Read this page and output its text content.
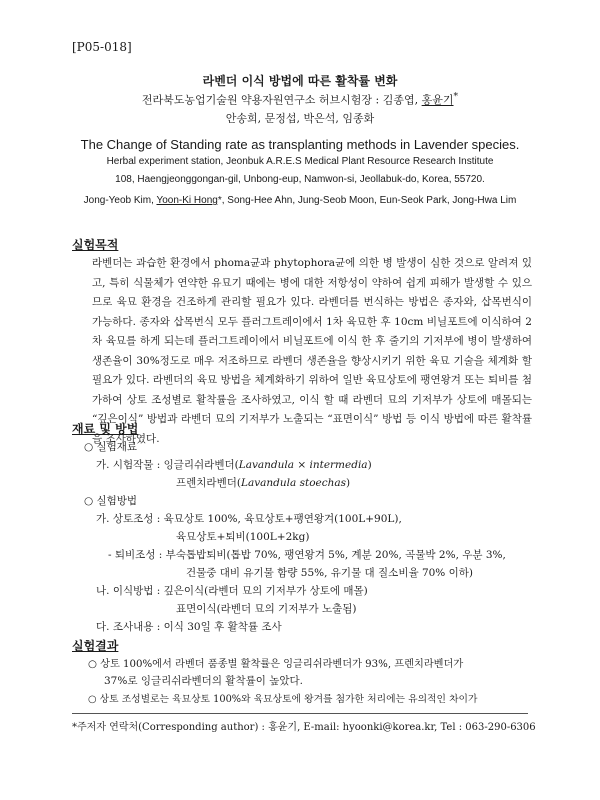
[P05-018]
라벤더 이식 방법에 따른 활착률 변화
전라북도농업기술원 약용자원연구소 허브시험장 : 김종엽, 홍윤기*
안송희, 문정섭, 박은석, 임종화
The Change of Standing rate as transplanting methods in Lavender species.
Herbal experiment station, Jeonbuk A.R.E.S Medical Plant Resource Research Institute
108, Haengjeonggongan-gil, Unbong-eup, Namwon-si, Jeollabuk-do, Korea, 55720.
Jong-Yeob Kim, Yoon-Ki Hong*, Song-Hee Ahn, Jung-Seob Moon, Eun-Seok Park, Jong-Hwa Lim
실험목적

라벤더는 과습한 환경에서 phoma균과 phytophora균에 의한 병 발생이 심한 것으로 알려져 있고, 특히 식물체가 연약한 유묘기 때에는 병에 대한 저항성이 약하여 쉽게 피해가 발생할 수 있으므로 육묘 환경을 건조하게 관리할 필요가 있다. 라벤더를 번식하는 방법은 종자와, 삽목번식이 가능하다. 종자와 삽목번식 모두 플러그트레이에서 1차 육묘한 후 10cm 비닐포트에 이식하여 2차 육묘를 하게 되는데 플러그트레이에서 비닐포트에 이식 한 후 줄기의 기저부에 병이 발생하여 생존율이 30%정도로 매우 저조하므로 라벤더 생존율을 향상시키기 위한 육묘 기술을 체계화 할 필요가 있다. 라벤더의 육묘 방법을 체계화하기 위하여 일반 육묘상토에 팽연왕겨 또는 퇴비를 첨가하여 상토 조성별로 활착률을 조사하였고, 이식 할 때 라벤더 묘의 기저부가 상토에 매몰되는 “깊은이식” 방법과 라벤더 묘의 기저부가 노출되는 “표면이식” 방법 등 이식 방법에 따른 활착률을 조사하였다.

재료 및 방법
○ 실험재료
가. 시험작물 : 잉글리쉬라벤더(Lavandula × intermedia)
프렌치라벤더(Lavandula stoechas)
○ 실험방법
가. 상토조성 : 육묘상토 100%, 육묘상토+팽연왕겨(100L+90L),
육묘상토+퇴비(100L+2kg)
- 퇴비조성 : 부숙톱밥퇴비(톱밥 70%, 팽연왕겨 5%, 계분 20%, 곡물박 2%, 우분 3%,
건물중 대비 유기물 함량 55%, 유기물 대 질소비율 70% 이하)
나. 이식방법 : 깊은이식(라벤더 묘의 기저부가 상토에 매몰)
표면이식(라벤더 묘의 기저부가 노출됨)
다. 조사내용 : 이식 30일 후 활착률 조사
실험결과
○ 상토 100%에서 라벤더 품종별 활착률은 잉글리쉬라벤더가 93%, 프렌치라벤더가
37%로 잉글리쉬라벤더의 활착률이 높았다.
*주저자 연락처(Corresponding author) : 홍윤기, E-mail: hyoonki@korea.kr, Tel : 063-290-6306
○ 상토 조성별로는 육묘상토 100%와 육묘상토에 왕겨를 첨가한 처리에는 유의적인 차이가
